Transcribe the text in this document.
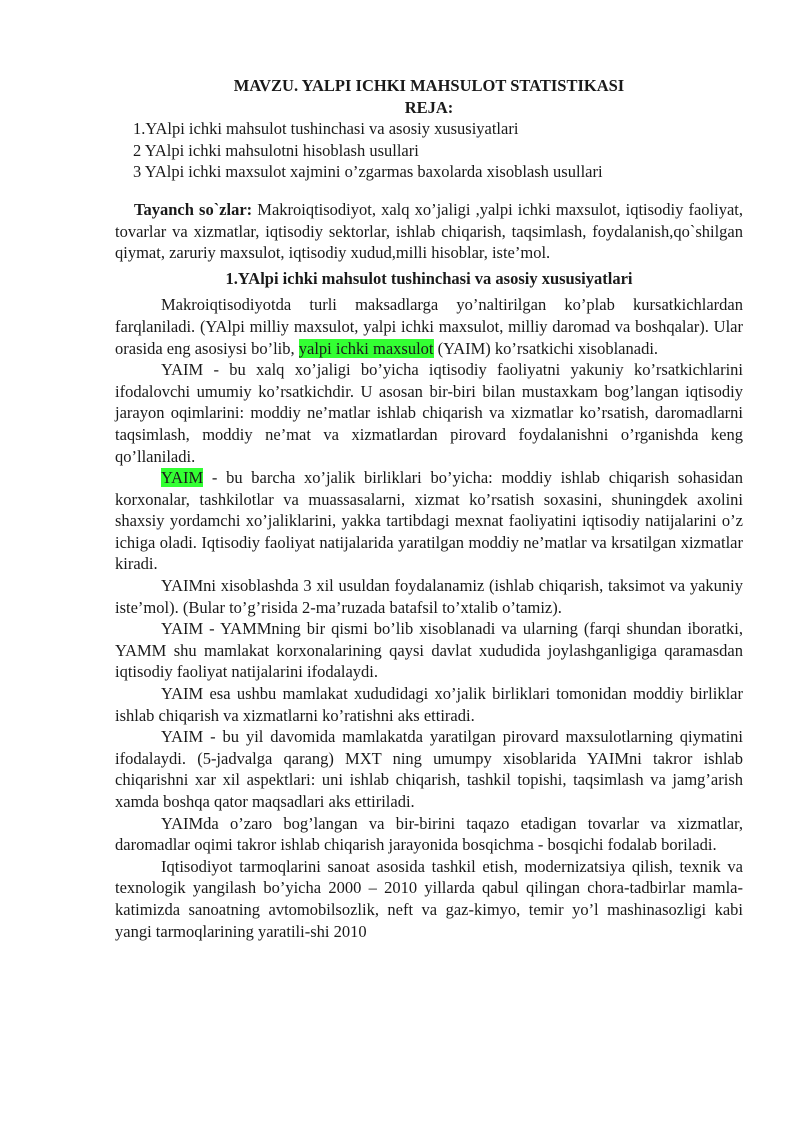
MAVZU. YALPI ICHKI MAHSULOT STATISTIKASI

REJA:

1.YAlpi ichki mahsulot tushinchasi va asosiy xususiyatlari
2 YAlpi ichki mahsulotni hisoblash usullari
3 YAlpi ichki maxsulot xajmini o’zgarmas baxolarda xisoblash usullari

Tayanch so`zlar: Makroiqtisodiyot, xalq xo’jaligi ,yalpi ichki maxsulot, iqtisodiy faoliyat, tovarlar va xizmatlar, iqtisodiy sektorlar, ishlab chiqarish, taqsimlash, foydalanish,qo`shilgan qiymat, zaruriy maxsulot, iqtisodiy xudud,milli hisoblar, iste’mol.

1.YAlpi ichki mahsulot tushinchasi va asosiy xususiyatlari

Makroiqtisodiyotda turli maksadlarga yo’naltirilgan ko’plab kursatkichlardan farqlaniladi. (YAlpi milliy maxsulot, yalpi ichki maxsulot, milliy daromad va boshqalar). Ular orasida eng asosiysi bo’lib, yalpi ichki maxsulot (YAIM) ko’rsatkichi xisoblanadi.

YAIM - bu xalq xo’jaligi bo’yicha iqtisodiy faoliyatni yakuniy ko’rsatkichlarini ifodalovchi umumiy ko’rsatkichdir. U asosan bir-biri bilan mustaxkam bog’langan iqtisodiy jarayon oqimlarini: moddiy ne’matlar ishlab chiqarish va xizmatlar ko’rsatish, daromadlarni taqsimlash, moddiy ne’mat va xizmatlardan pirovard foydalanishni o’rganishda keng qo’llaniladi.

YAIM - bu barcha xo’jalik birliklari bo’yicha: moddiy ishlab chiqarish sohasidan korxonalar, tashkilotlar va muassasalarni, xizmat ko’rsatish soxasini, shuningdek axolini shaxsiy yordamchi xo’jaliklarini, yakka tartibdagi mexnat faoliyatini iqtisodiy natijalarini o’z ichiga oladi. Iqtisodiy faoliyat natijalarida yaratilgan moddiy ne’matlar va krsatilgan xizmatlar kiradi.

YAIMni xisoblashda 3 xil usuldan foydalanamiz (ishlab chiqarish, taksimot va yakuniy iste’mol). (Bular to’g’risida 2-ma’ruzada batafsil to’xtalib o’tamiz).

YAIM - YAMMning bir qismi bo’lib xisoblanadi va ularning (farqi shundan iboratki, YAMM shu mamlakat korxonalarining qaysi davlat xududida joylashganligiga qaramasdan iqtisodiy faoliyat natijalarini ifodalaydi.

YAIM esa ushbu mamlakat xududidagi xo’jalik birliklari tomonidan moddiy birliklar ishlab chiqarish va xizmatlarni ko’ratishni aks ettiradi.

YAIM - bu yil davomida mamlakatda yaratilgan pirovard maxsulotlarning qiymatini ifodalaydi. (5-jadvalga qarang) MXT ning umumpy xisoblarida YAIMni takror ishlab chiqarishni xar xil aspektlari: uni ishlab chiqarish, tashkil topishi, taqsimlash va jamg’arish xamda boshqa qator maqsadlari aks ettiriladi.

YAIMda o’zaro bog’langan va bir-birini taqazo etadigan tovarlar va xizmatlar, daromadlar oqimi takror ishlab chiqarish jarayonida bosqichma - bosqichi fodalab boriladi.

Iqtisodiyot tarmoqlarini sanoat asosida tashkil etish, modernizatsiya qilish, texnik va texnologik yangilash bo’yicha 2000 – 2010 yillarda qabul qilingan chora-tadbirlar mamla-katimizda sanoatning avtomobilsozlik, neft va gaz-kimyo, temir yo’l mashinasozligi kabi yangi tarmoqlarining yaratili-shi 2010
